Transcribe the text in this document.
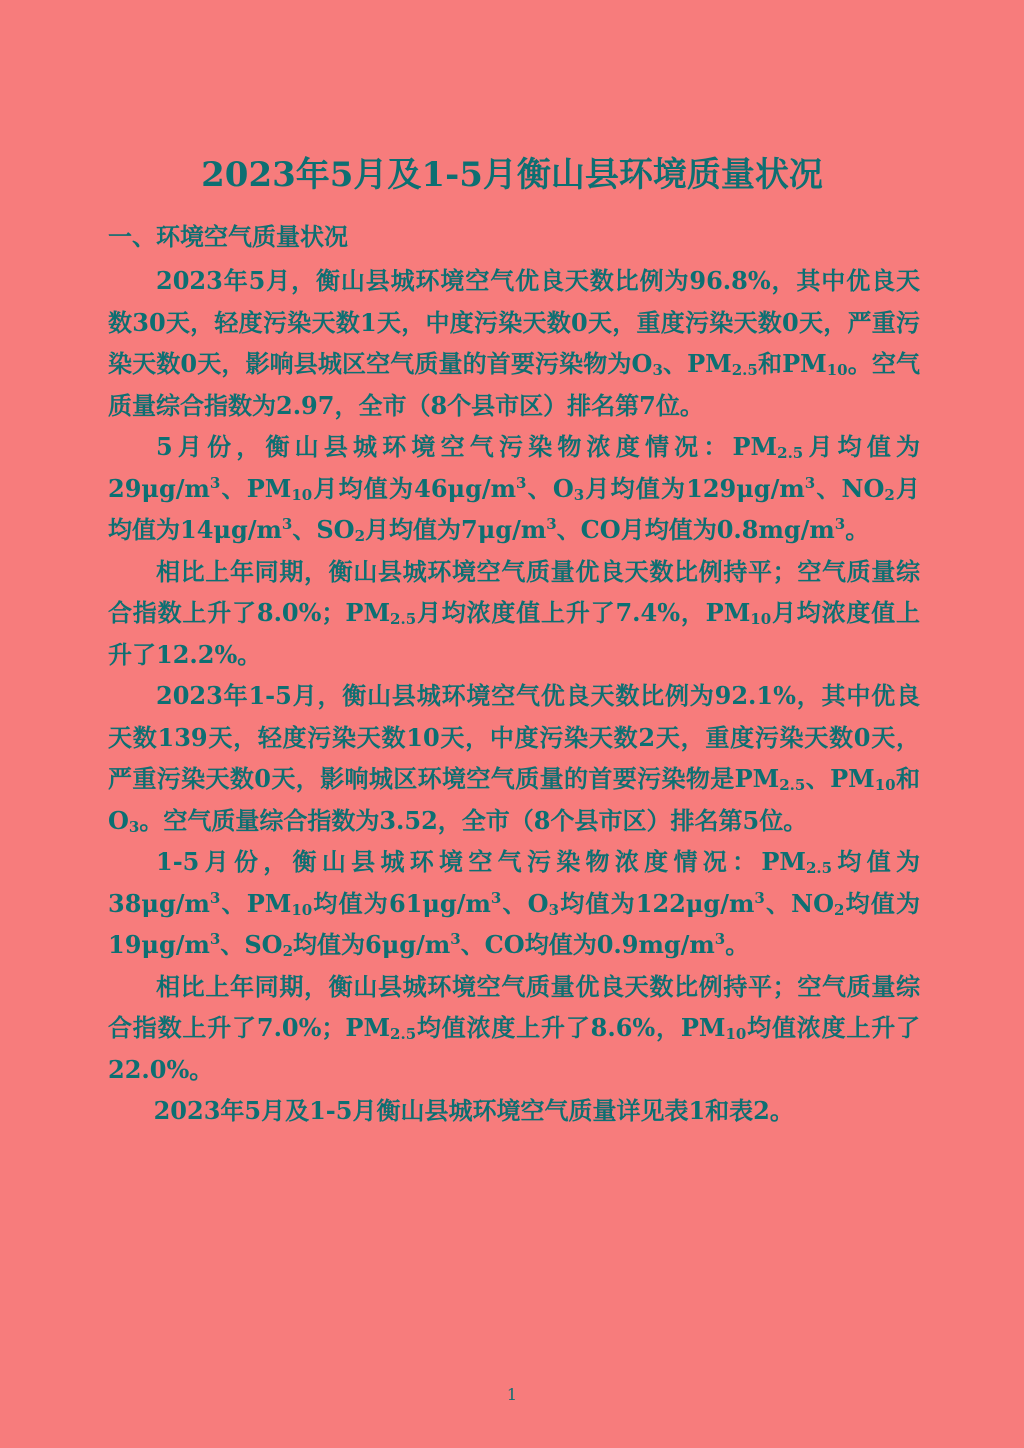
2023年5月及1-5月衡山县环境质量状况
一、环境空气质量状况

2023年5月，衡山县城环境空气优良天数比例为96.8%，其中优良天数30天，轻度污染天数1天，中度污染天数0天，重度污染天数0天，严重污染天数0天，影响县城区空气质量的首要污染物为$O_3$、$PM_{2.5}$和$PM_{10}$。空气质量综合指数为2.97，全市（8个县市区）排名第7位。

5月份，衡山县城环境空气污染物浓度情况：$PM_{2.5}$月均值为$29\mu g/m^3$、$PM_{10}$月均值为$46\mu g/m^3$、$O_3$月均值为$129\mu g/m^3$、$NO_2$月均值为$14\mu g/m^3$、$SO_2$月均值为$7\mu g/m^3$、CO月均值为$0.8mg/m^3$。

相比上年同期，衡山县城环境空气质量优良天数比例持平；空气质量综合指数上升了8.0%；$PM_{2.5}$月均浓度值上升了7.4%，$PM_{10}$月均浓度值上升了12.2%。

2023年1-5月，衡山县城环境空气优良天数比例为92.1%，其中优良天数139天，轻度污染天数10天，中度污染天数2天，重度污染天数0天，严重污染天数0天，影响城区环境空气质量的首要污染物是$PM_{2.5}$、$PM_{10}$和$O_3$。空气质量综合指数为3.52，全市（8个县市区）排名第5位。

1-5月份，衡山县城环境空气污染物浓度情况：$PM_{2.5}$均值为$38\mu g/m^3$、$PM_{10}$均值为$61\mu g/m^3$、$O_3$均值为$122\mu g/m^3$、$NO_2$均值为$19\mu g/m^3$、$SO_2$均值为$6\mu g/m^3$、CO均值为$0.9mg/m^3$。

相比上年同期，衡山县城环境空气质量优良天数比例持平；空气质量综合指数上升了7.0%；$PM_{2.5}$均值浓度上升了8.6%，$PM_{10}$均值浓度上升了22.0%。

2023年5月及1-5月衡山县城环境空气质量详见表1和表2。

1
